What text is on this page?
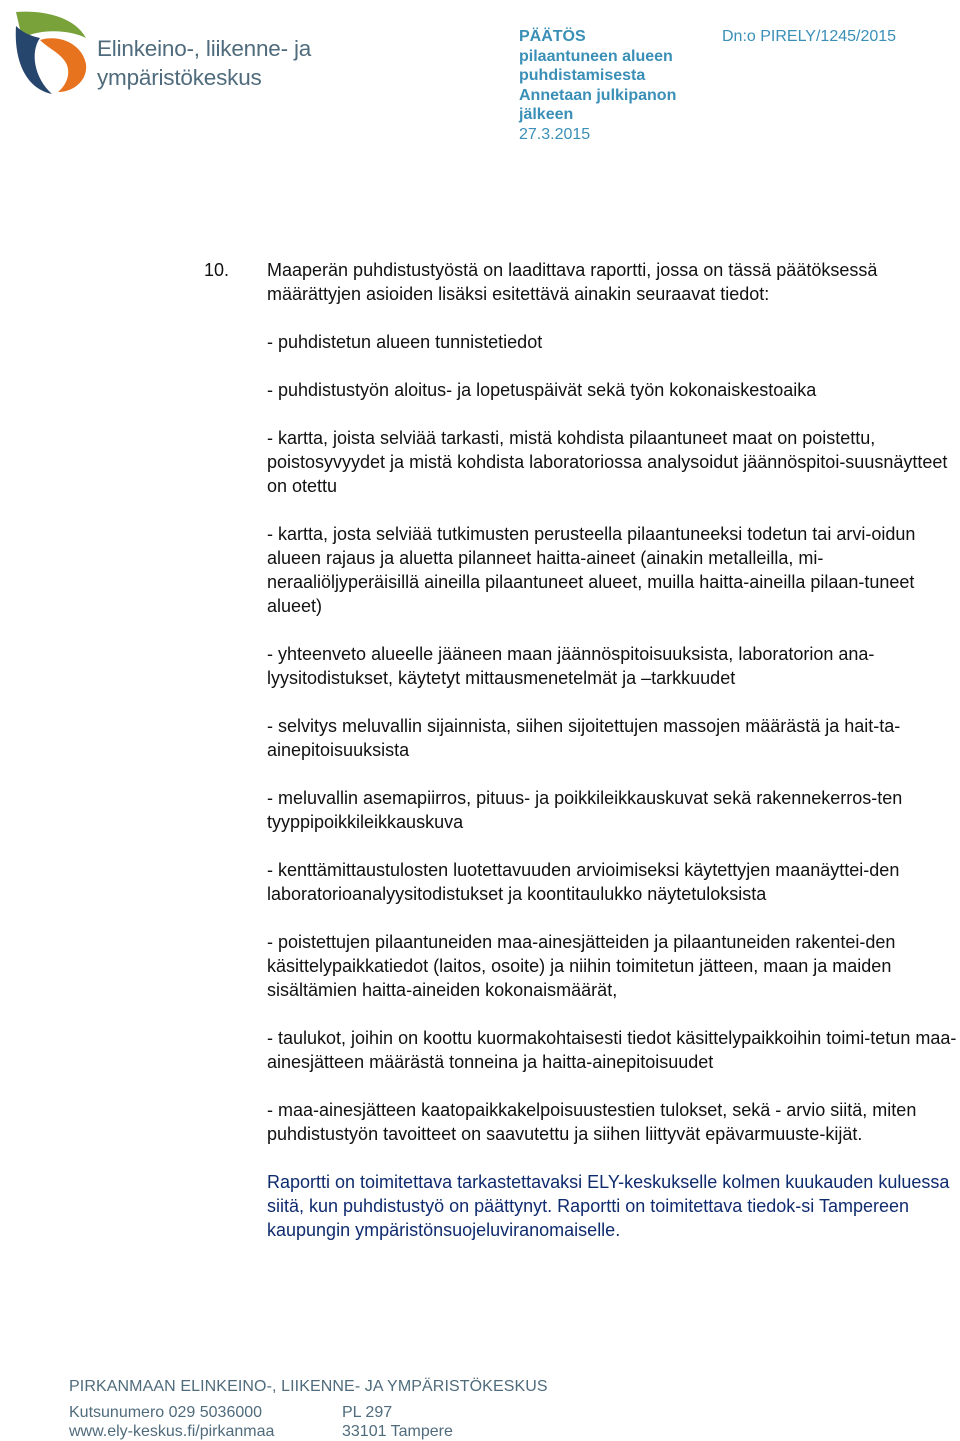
Elinkeino-, liikenne- ja
ympäristökeskus
PÄÄTÖS
pilaantuneen alueen
puhdistamisesta
Annetaan julkipanon
jälkeen
27.3.2015
Dn:o PIRELY/1245/2015
10. Maaperän puhdistustyöstä on laadittava raportti, jossa on tässä päätöksessä määrättyjen asioiden lisäksi esitettävä ainakin seuraavat tiedot:

- puhdistetun alueen tunnistetiedot

- puhdistustyön aloitus- ja lopetuspäivät sekä työn kokonaiskestoaika

- kartta, joista selviää tarkasti, mistä kohdista pilaantuneet maat on poistettu, poistosyvyydet ja mistä kohdista laboratoriossa analysoidut jäännöspitoi-suusnäytteet on otettu

- kartta, josta selviää tutkimusten perusteella pilaantuneeksi todetun tai arvi-oidun alueen rajaus ja aluetta pilanneet haitta-aineet (ainakin metalleilla, mi-neraaliöljyperäisillä aineilla pilaantuneet alueet, muilla haitta-aineilla pilaan-tuneet alueet)

- yhteenveto alueelle jääneen maan jäännöspitoisuuksista, laboratorion ana-lyysitodistukset, käytetyt mittausmenetelmät ja –tarkkuudet

- selvitys meluvallin sijainnista, siihen sijoitettujen massojen määrästä ja hait-ta-ainepitoisuuksista

- meluvallin asemapiirros, pituus- ja poikkileikkauskuvat sekä rakennekerros-ten tyyppipoikkileikkauskuva

- kenttämittaustulosten luotettavuuden arvioimiseksi käytettyjen maanäyttei-den laboratorioanalyysitodistukset ja koontitaulukko näytetuloksista

- poistettujen pilaantuneiden maa-ainesjätteiden ja pilaantuneiden rakentei-den käsittelypaikkatiedot (laitos, osoite) ja niihin toimitetun jätteen, maan ja maiden sisältämien haitta-aineiden kokonaismäärät,

- taulukot, joihin on koottu kuormakohtaisesti tiedot käsittelypaikkoihin toimi-tetun maa-ainesjätteen määrästä tonneina ja haitta-ainepitoisuudet

- maa-ainesjätteen kaatopaikkakelpoisuustestien tulokset, sekä - arvio siitä, miten puhdistustyön tavoitteet on saavutettu ja siihen liittyvät epävarmuuste-kijät.

Raportti on toimitettava tarkastettavaksi ELY-keskukselle kolmen kuukauden kuluessa siitä, kun puhdistustyö on päättynyt. Raportti on toimitettava tiedok-si Tampereen kaupungin ympäristönsuojeluviranomaiselle.

PIRKANMAAN ELINKEINO-, LIIKENNE- JA YMPÄRISTÖKESKUS
Kutsunumero 029 5036000	PL 297
www.ely-keskus.fi/pirkanmaa	33101 Tampere
